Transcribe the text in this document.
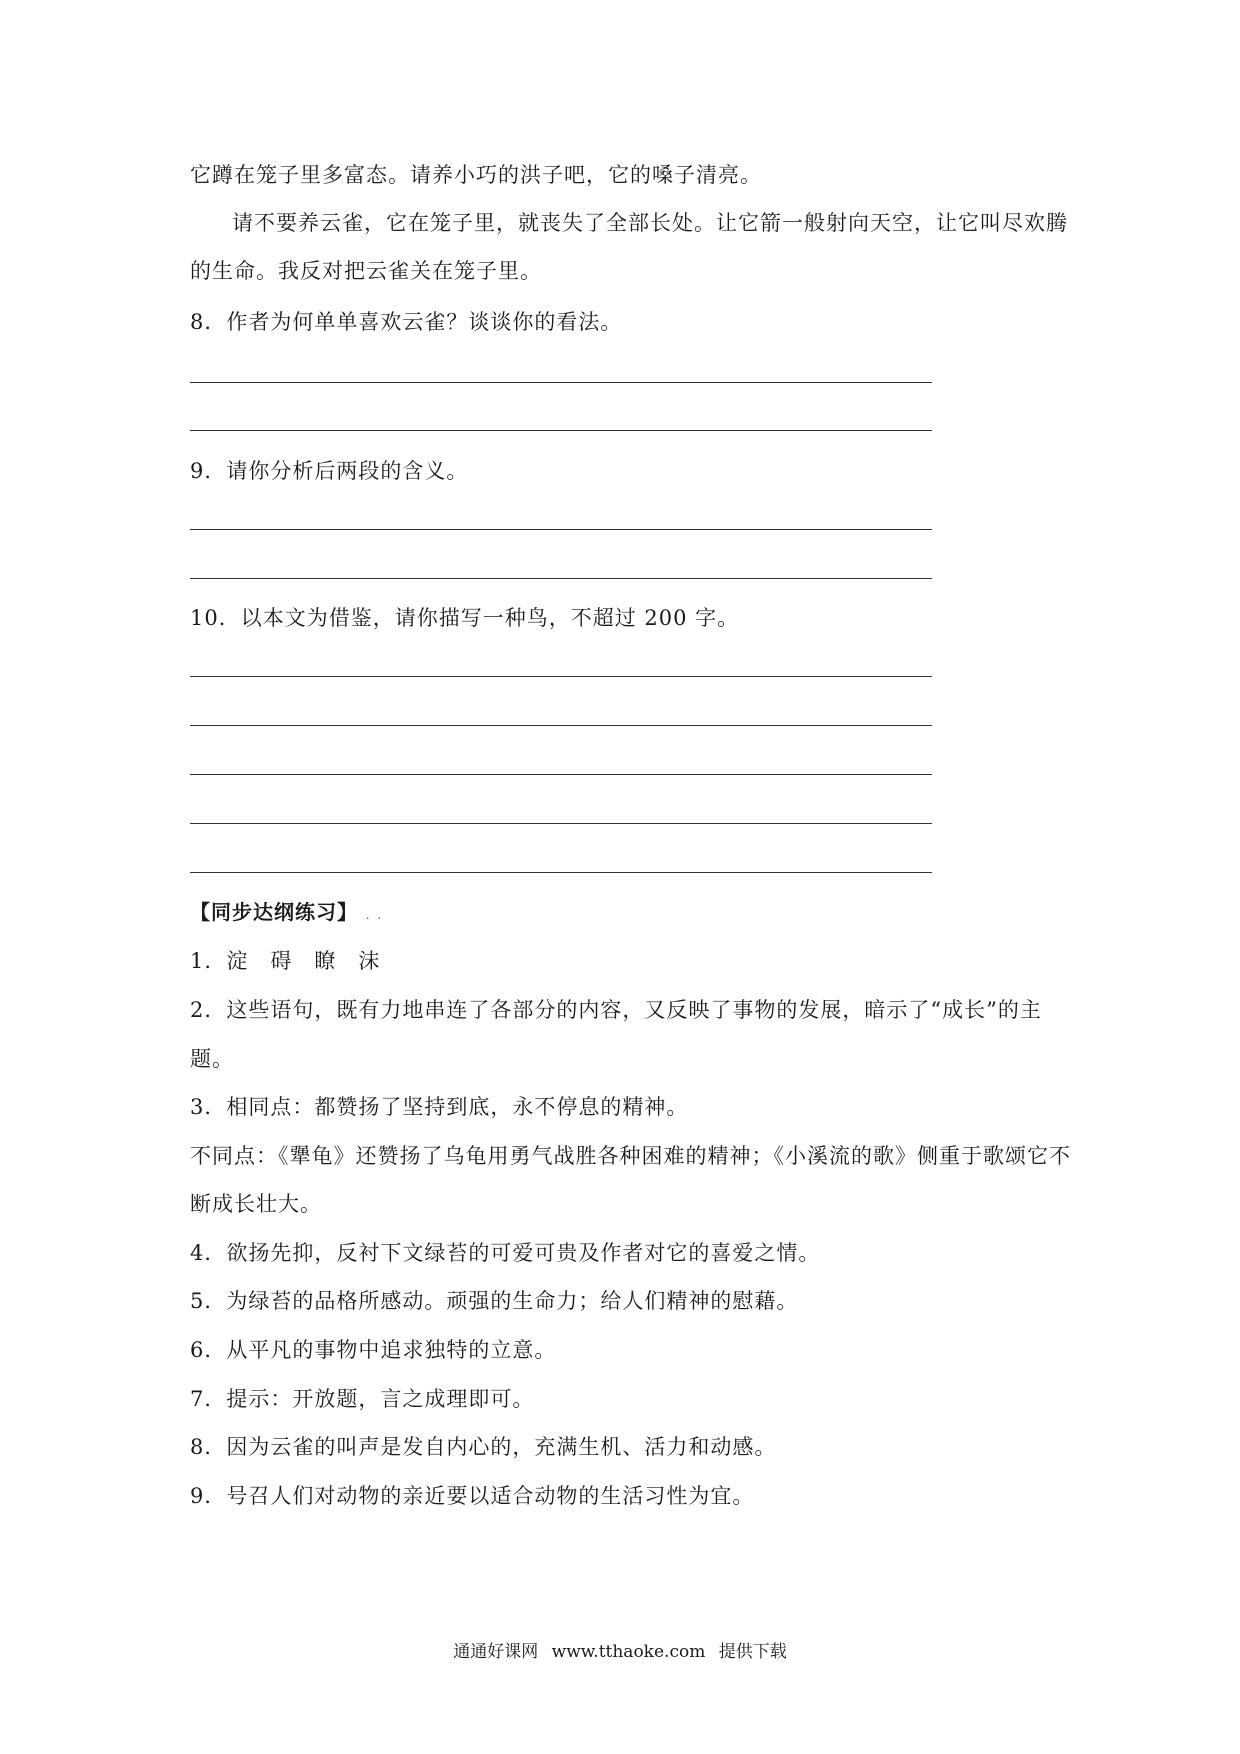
它蹲在笼子里多富态。请养小巧的洪子吧，它的嗓子清亮。
请不要养云雀，它在笼子里，就丧失了全部长处。让它箭一般射向天空，让它叫尽欢腾
的生命。我反对把云雀关在笼子里。
8．作者为何单单喜欢云雀？谈谈你的看法。
9．请你分析后两段的含义。
10．以本文为借鉴，请你描写一种鸟，不超过 200 字。
【同步达纲练习】 . .
1．淀　碍　瞭　沫
2．这些语句，既有力地串连了各部分的内容，又反映了事物的发展，暗示了“成长”的主
题。
3．相同点：都赞扬了坚持到底，永不停息的精神。
不同点：《犟龟》还赞扬了乌龟用勇气战胜各种困难的精神；《小溪流的歌》侧重于歌颂它不
断成长壮大。
4．欲扬先抑，反衬下文绿苔的可爱可贵及作者对它的喜爱之情。
5．为绿苔的品格所感动。顽强的生命力；给人们精神的慰藉。
6．从平凡的事物中追求独特的立意。
7．提示：开放题，言之成理即可。
8．因为云雀的叫声是发自内心的，充满生机、活力和动感。
9．号召人们对动物的亲近要以适合动物的生活习性为宜。
通通好课网 www.tthaoke.com 提供下载
